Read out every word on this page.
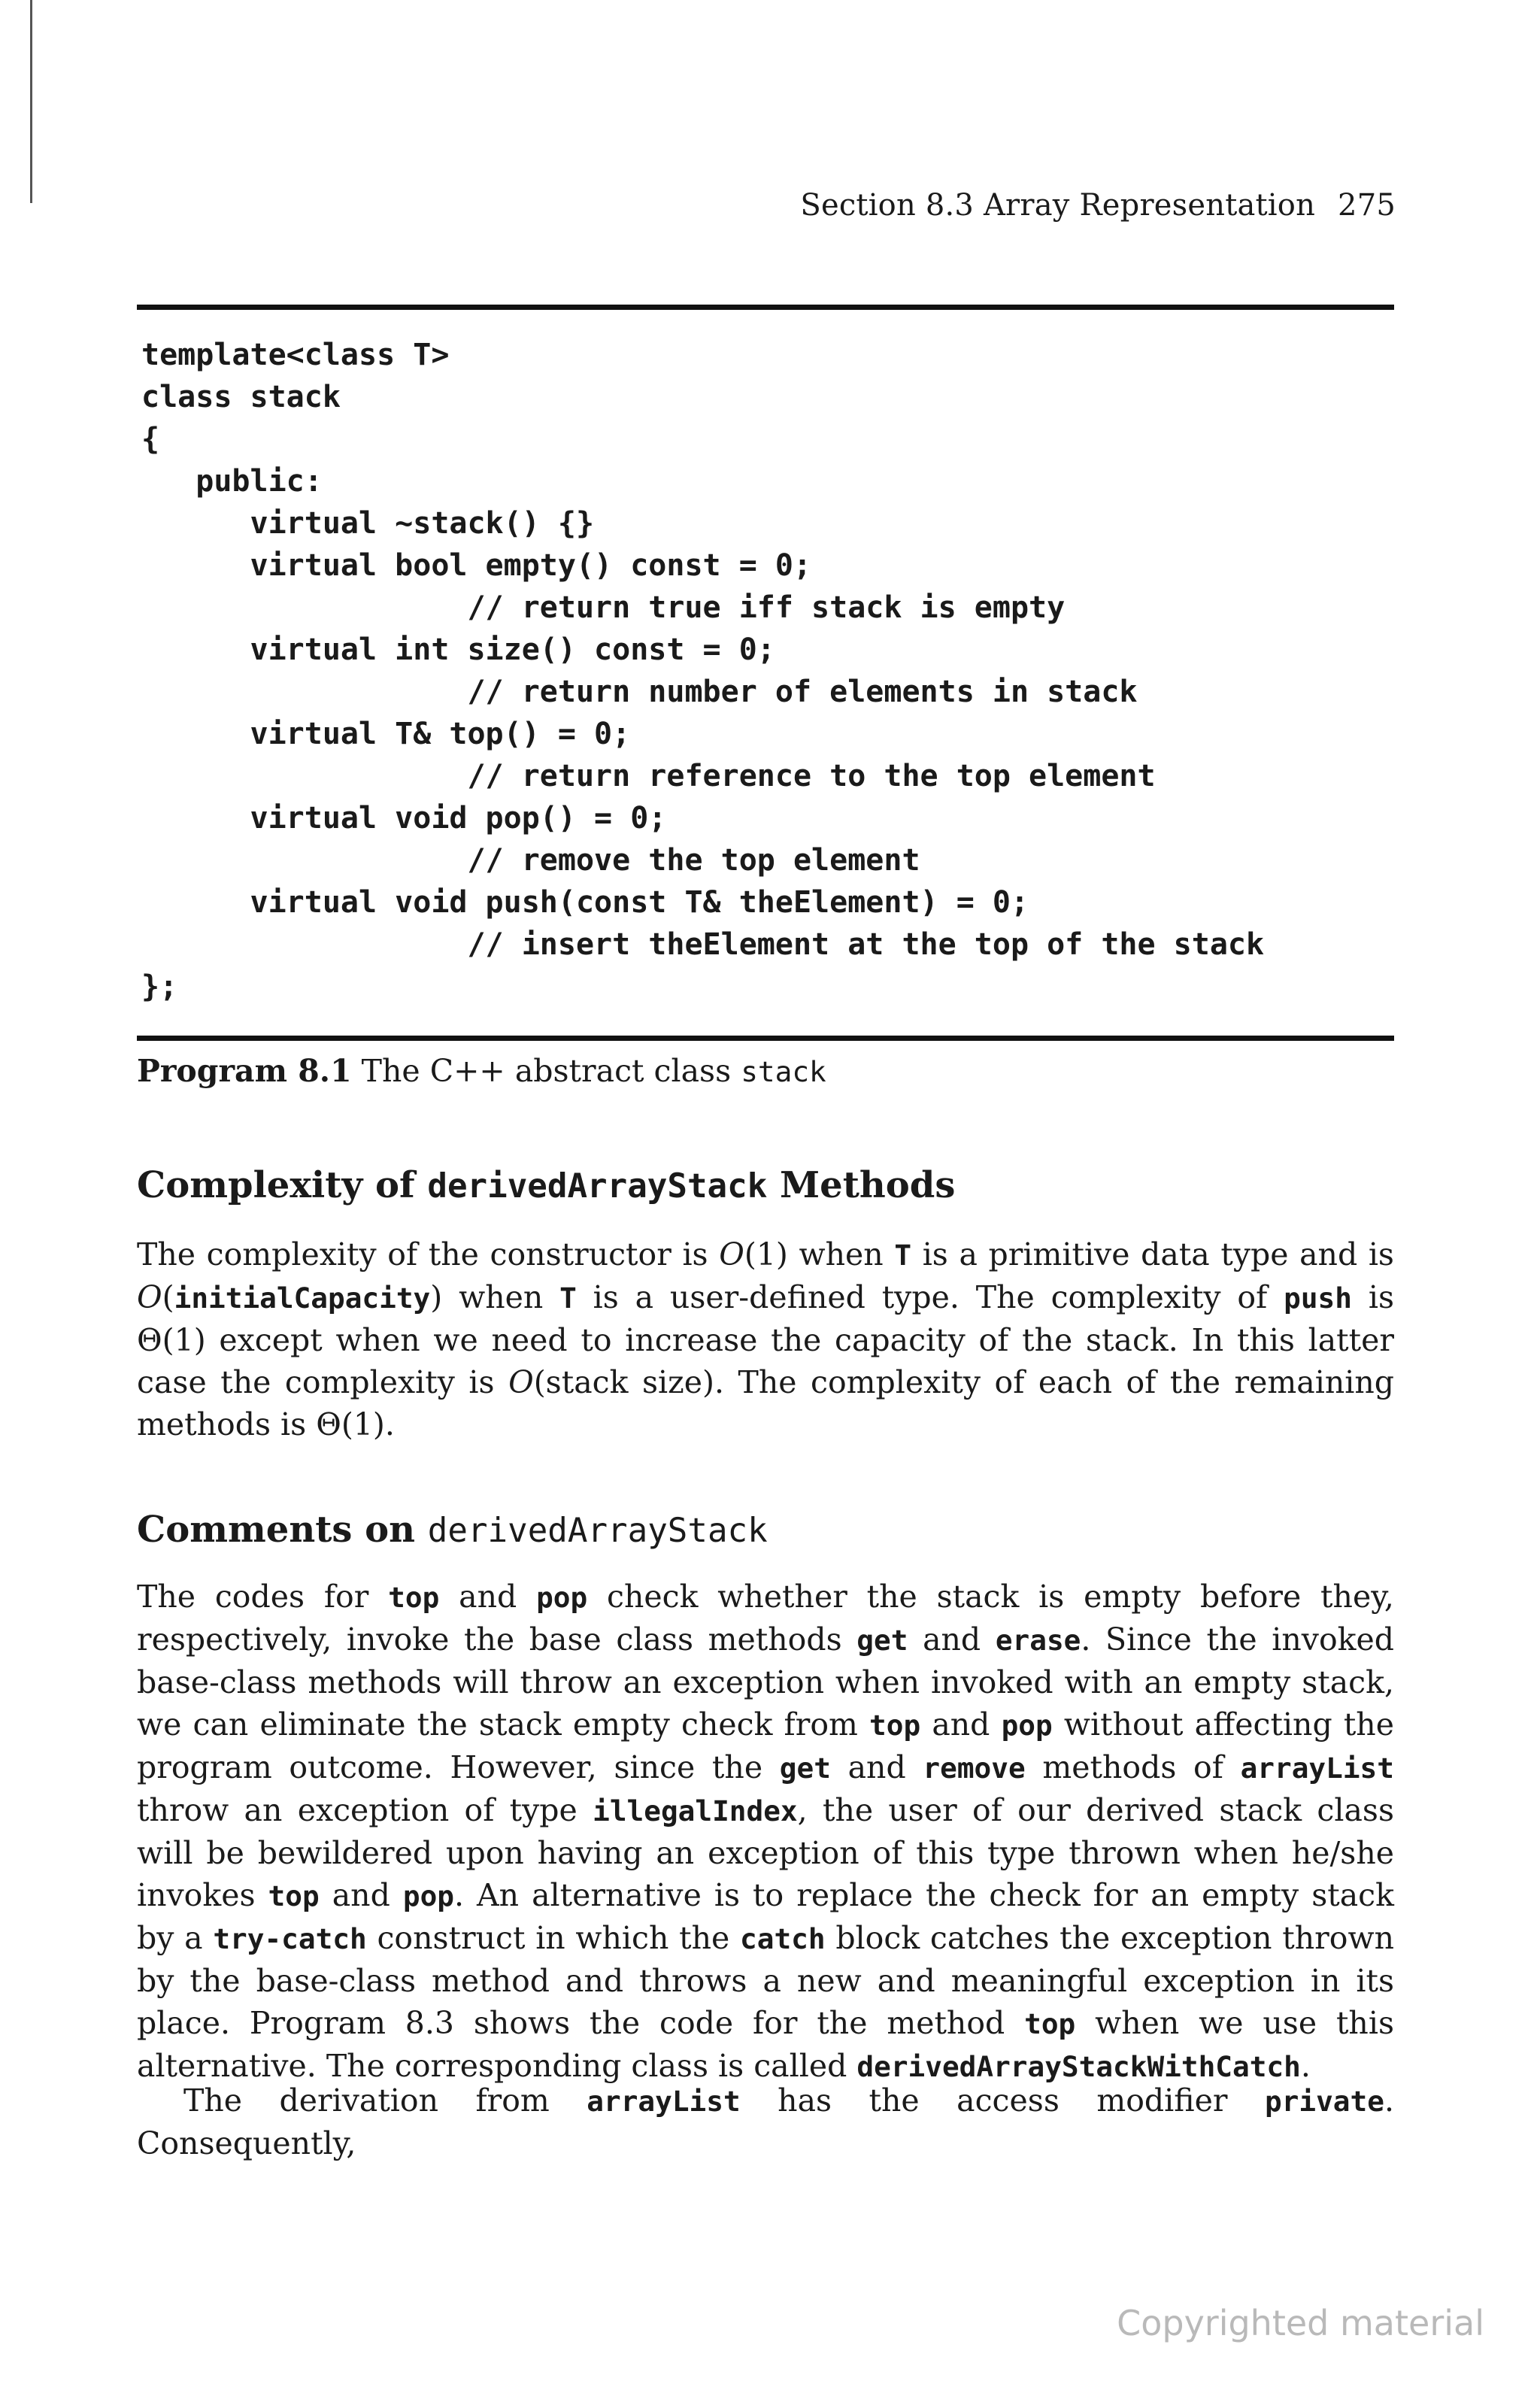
Section 8.3 Array Representation 275
template<class T>
class stack
{
public:
virtual ~stack() {}
virtual bool empty() const = 0;
// return true iff stack is empty
virtual int size() const = 0;
// return number of elements in stack
virtual T& top() = 0;
// return reference to the top element
virtual void pop() = 0;
// remove the top element
virtual void push(const T& theElement) = 0;
// insert theElement at the top of the stack
};
Program 8.1 The C++ abstract class stack
Complexity of derivedArrayStack Methods
The complexity of the constructor is O(1) when T is a primitive data type and is O(initialCapacity) when T is a user-defined type. The complexity of push is Θ(1) except when we need to increase the capacity of the stack. In this latter case the complexity is O(stack size). The complexity of each of the remaining methods is Θ(1).
Comments on derivedArrayStack
The codes for top and pop check whether the stack is empty before they, respectively, invoke the base class methods get and erase. Since the invoked base-class methods will throw an exception when invoked with an empty stack, we can eliminate the stack empty check from top and pop without affecting the program outcome. However, since the get and remove methods of arrayList throw an exception of type illegalIndex, the user of our derived stack class will be bewildered upon having an exception of this type thrown when he/she invokes top and pop. An alternative is to replace the check for an empty stack by a try-catch construct in which the catch block catches the exception thrown by the base-class method and throws a new and meaningful exception in its place. Program 8.3 shows the code for the method top when we use this alternative. The corresponding class is called derivedArrayStackWithCatch.
The derivation from arrayList has the access modifier private. Consequently,
Copyrighted material
